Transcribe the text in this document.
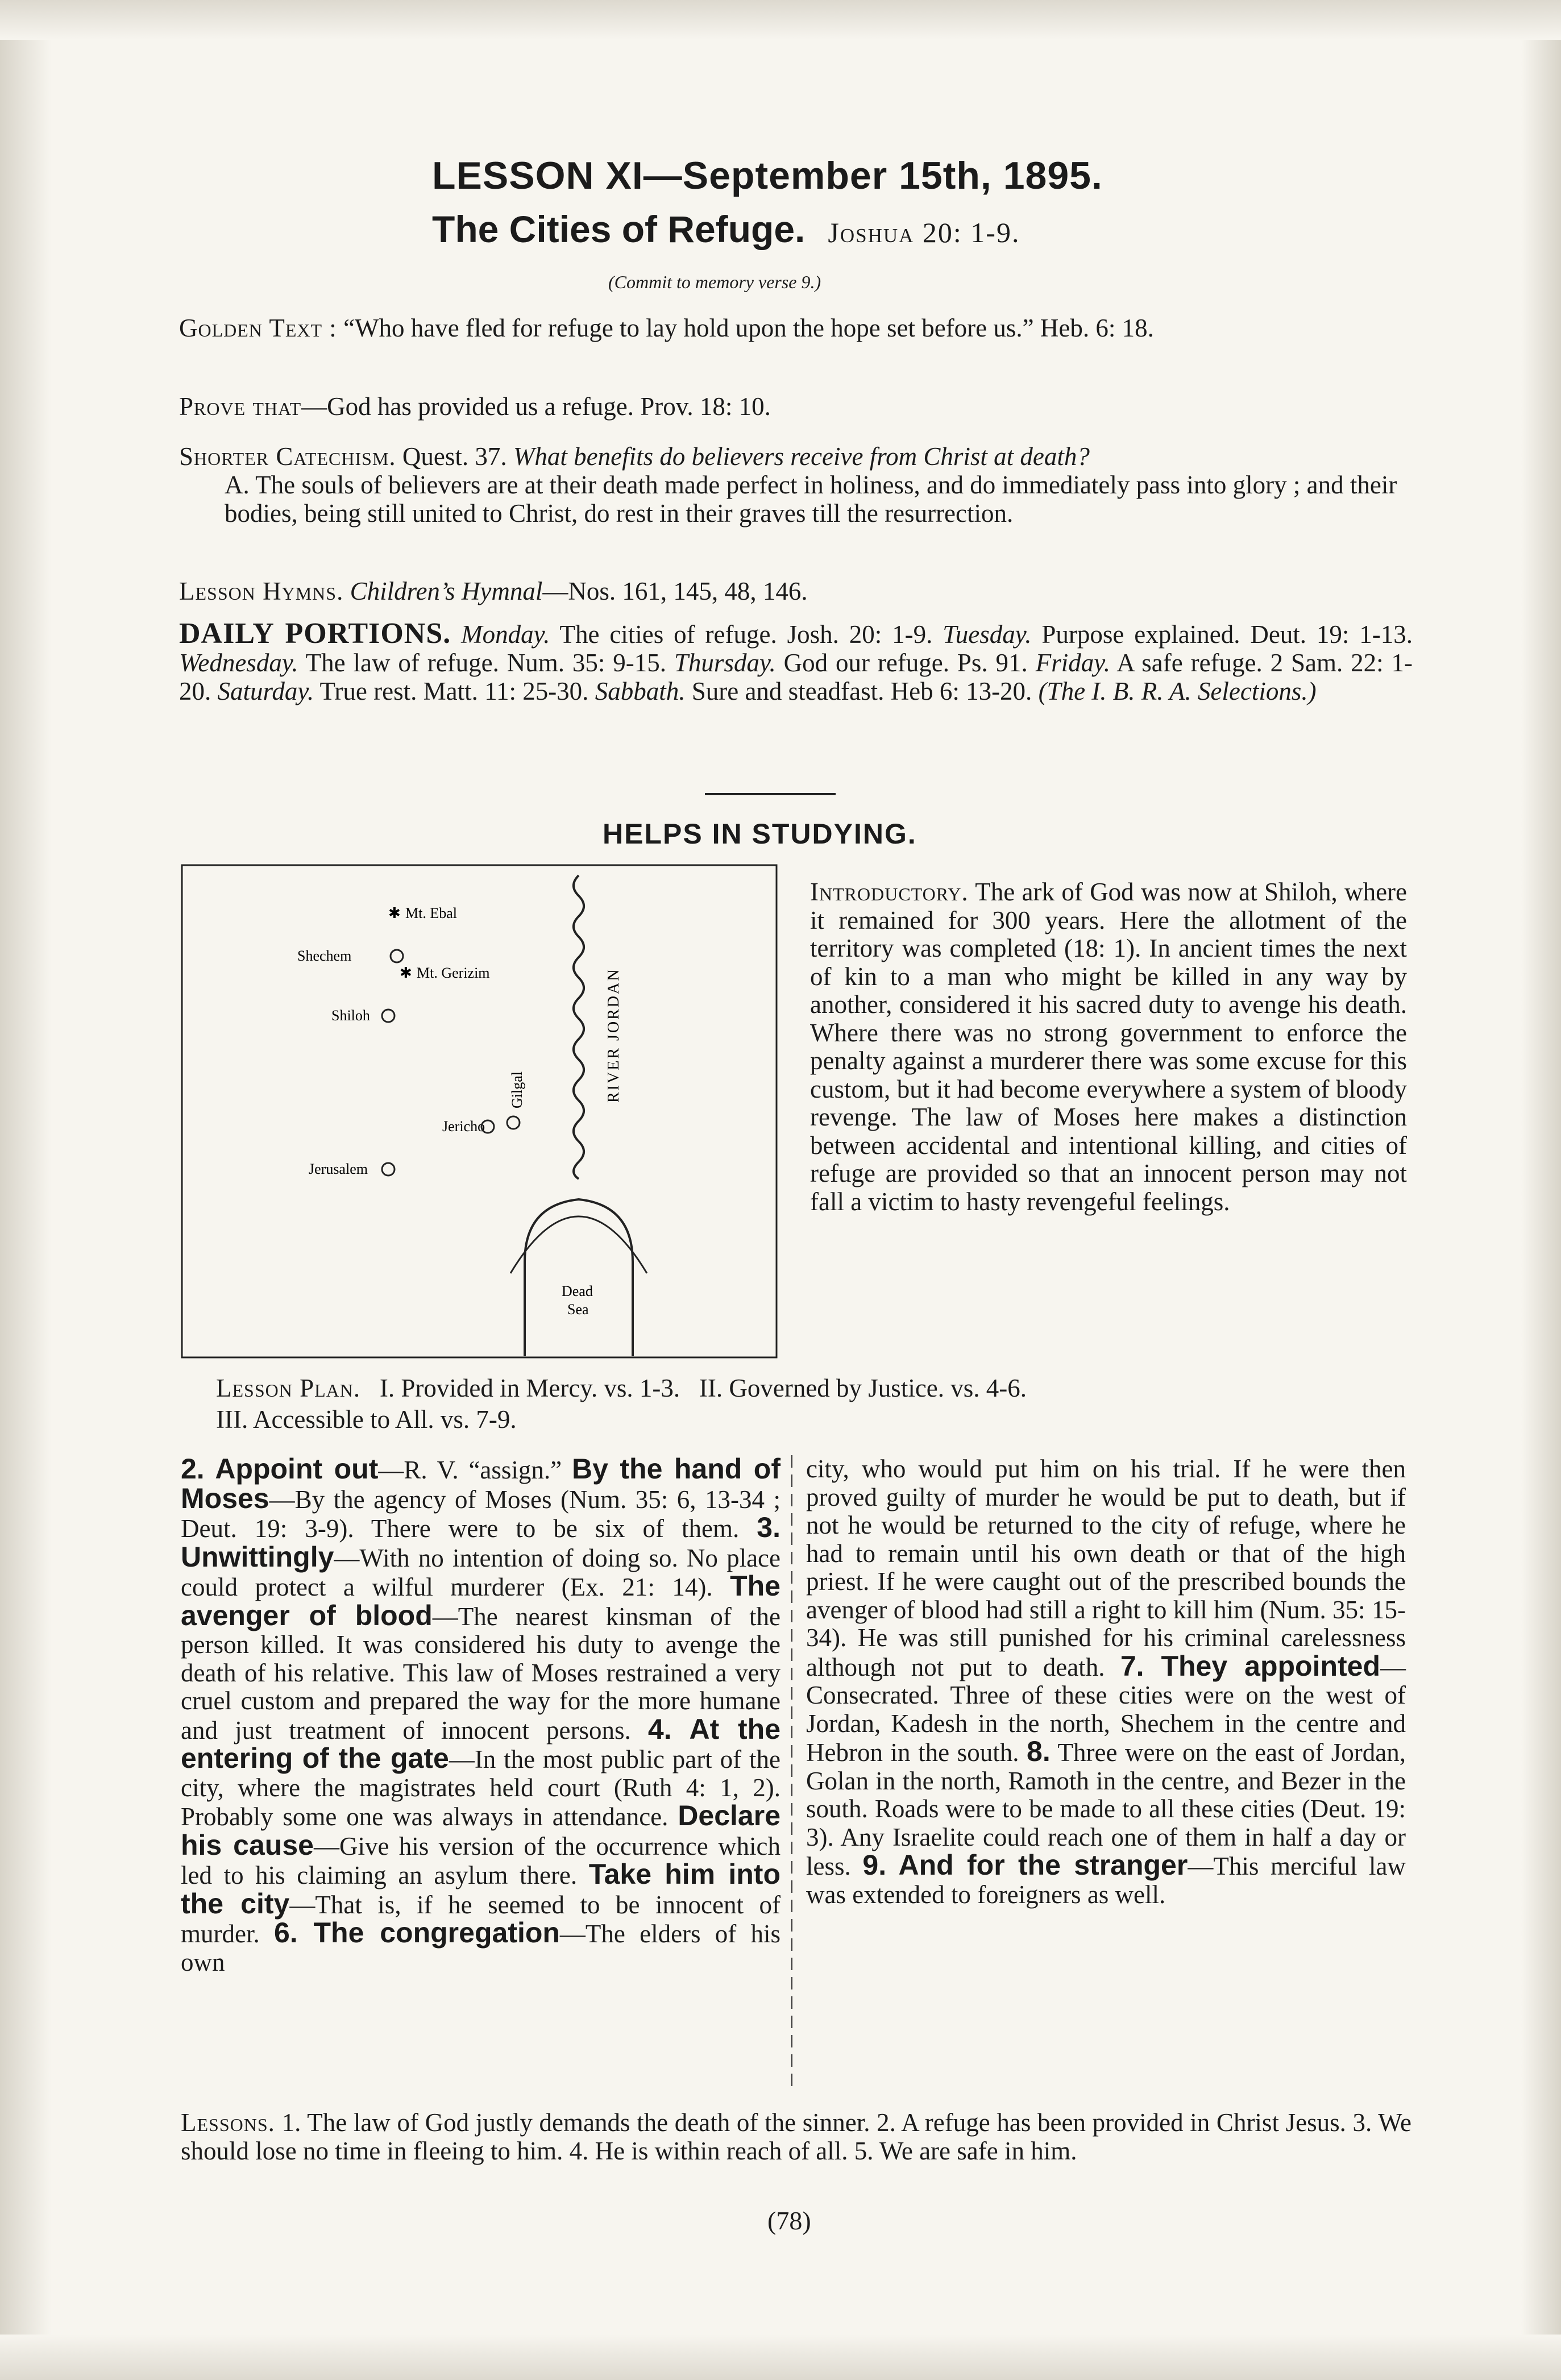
LESSON XI—September 15th, 1895.
The Cities of Refuge. Joshua 20: 1-9.
(Commit to memory verse 9.)
Golden Text : “Who have fled for refuge to lay hold upon the hope set before us.” Heb. 6: 18.
Prove that—God has provided us a refuge. Prov. 18: 10.
Shorter Catechism. Quest. 37. What benefits do believers receive from Christ at death?
A. The souls of believers are at their death made perfect in holiness, and do immediately pass into glory ; and their bodies, being still united to Christ, do rest in their graves till the resurrection.
Lesson Hymns. Children’s Hymnal—Nos. 161, 145, 48, 146.
DAILY PORTIONS. Monday. The cities of refuge. Josh. 20: 1-9. Tuesday. Purpose explained. Deut. 19: 1-13. Wednesday. The law of refuge. Num. 35: 9-15. Thursday. God our refuge. Ps. 91. Friday. A safe refuge. 2 Sam. 22: 1-20. Saturday. True rest. Matt. 11: 25-30. Sabbath. Sure and steadfast. Heb 6: 13-20. (The I. B. R. A. Selections.)
HELPS IN STUDYING.
✱ Mt. Ebal
Shechem
✱ Mt. Gerizim
Shiloh
Gilgal
Jericho
Jerusalem
RIVER JORDAN
Dead
Sea
Introductory. The ark of God was now at Shiloh, where it remained for 300 years. Here the allotment of the territory was completed (18: 1). In ancient times the next of kin to a man who might be killed in any way by another, considered it his sacred duty to avenge his death. Where there was no strong government to enforce the penalty against a murderer there was some excuse for this custom, but it had become everywhere a system of bloody revenge. The law of Moses here makes a distinction between accidental and intentional killing, and cities of refuge are provided so that an innocent person may not fall a victim to hasty revengeful feelings.
Lesson Plan. I. Provided in Mercy. vs. 1-3. II. Governed by Justice. vs. 4-6.
III. Accessible to All. vs. 7-9.
2. Appoint out—R. V. “assign.” By the hand of Moses—By the agency of Moses (Num. 35: 6, 13-34 ; Deut. 19: 3-9). There were to be six of them. 3. Unwittingly—With no intention of doing so. No place could protect a wilful murderer (Ex. 21: 14). The avenger of blood—The nearest kinsman of the person killed. It was considered his duty to avenge the death of his relative. This law of Moses restrained a very cruel custom and prepared the way for the more humane and just treatment of innocent persons. 4. At the entering of the gate—In the most public part of the city, where the magistrates held court (Ruth 4: 1, 2). Probably some one was always in attendance. Declare his cause—Give his version of the occurrence which led to his claiming an asylum there. Take him into the city—That is, if he seemed to be innocent of murder. 6. The congregation—The elders of his own
city, who would put him on his trial. If he were then proved guilty of murder he would be put to death, but if not he would be returned to the city of refuge, where he had to remain until his own death or that of the high priest. If he were caught out of the prescribed bounds the avenger of blood had still a right to kill him (Num. 35: 15-34). He was still punished for his criminal carelessness although not put to death. 7. They appointed—Consecrated. Three of these cities were on the west of Jordan, Kadesh in the north, Shechem in the centre and Hebron in the south. 8. Three were on the east of Jordan, Golan in the north, Ramoth in the centre, and Bezer in the south. Roads were to be made to all these cities (Deut. 19: 3). Any Israelite could reach one of them in half a day or less. 9. And for the stranger—This merciful law was extended to foreigners as well.
Lessons. 1. The law of God justly demands the death of the sinner. 2. A refuge has been provided in Christ Jesus. 3. We should lose no time in fleeing to him. 4. He is within reach of all. 5. We are safe in him.
(78)
